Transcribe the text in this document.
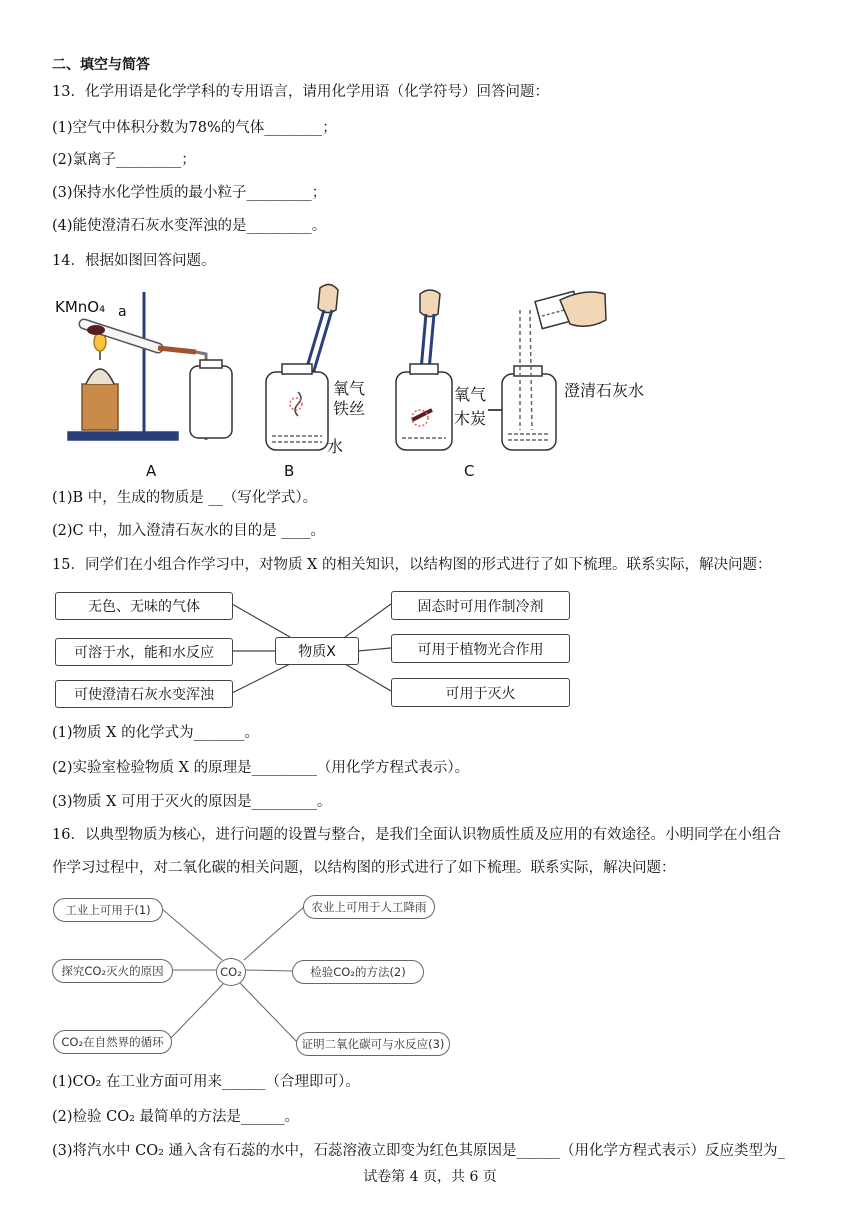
二、填空与简答
13．化学用语是化学学科的专用语言，请用化学用语（化学符号）回答问题：
(1)空气中体积分数为78%的气体________；
(2)氯离子_________；
(3)保持水化学性质的最小粒子_________；
(4)能使澄清石灰水变浑浊的是_________。
14．根据如图回答问题。
KMnO₄ a
A
氧气
铁丝
水
B
氧气
木炭
澄清石灰水
C
(1)B 中，生成的物质是 __（写化学式）。
(2)C 中，加入澄清石灰水的目的是 ____。
15．同学们在小组合作学习中，对物质 X 的相关知识，以结构图的形式进行了如下梳理。联系实际，解决问题：
无色、无味的气体
可溶于水，能和水反应
可使澄清石灰水变浑浊
物质X
固态时可用作制冷剂
可用于植物光合作用
可用于灭火
(1)物质 X 的化学式为_______。
(2)实验室检验物质 X 的原理是_________（用化学方程式表示）。
(3)物质 X 可用于灭火的原因是_________。
16．以典型物质为核心，进行问题的设置与整合，是我们全面认识物质性质及应用的有效途径。小明同学在小组合
作学习过程中，对二氧化碳的相关问题，以结构图的形式进行了如下梳理。联系实际，解决问题：
工业上可用于(1)	农业上可用于人工降雨
探究CO₂灭火的原因	CO₂	检验CO₂的方法(2)
CO₂在自然界的循环	证明二氧化碳可与水反应(3)
(1)CO₂ 在工业方面可用来______（合理即可）。
(2)检验 CO₂ 最简单的方法是______。
(3)将汽水中 CO₂ 通入含有石蕊的水中，石蕊溶液立即变为红色其原因是______（用化学方程式表示）反应类型为_
试卷第 4 页，共 6 页
